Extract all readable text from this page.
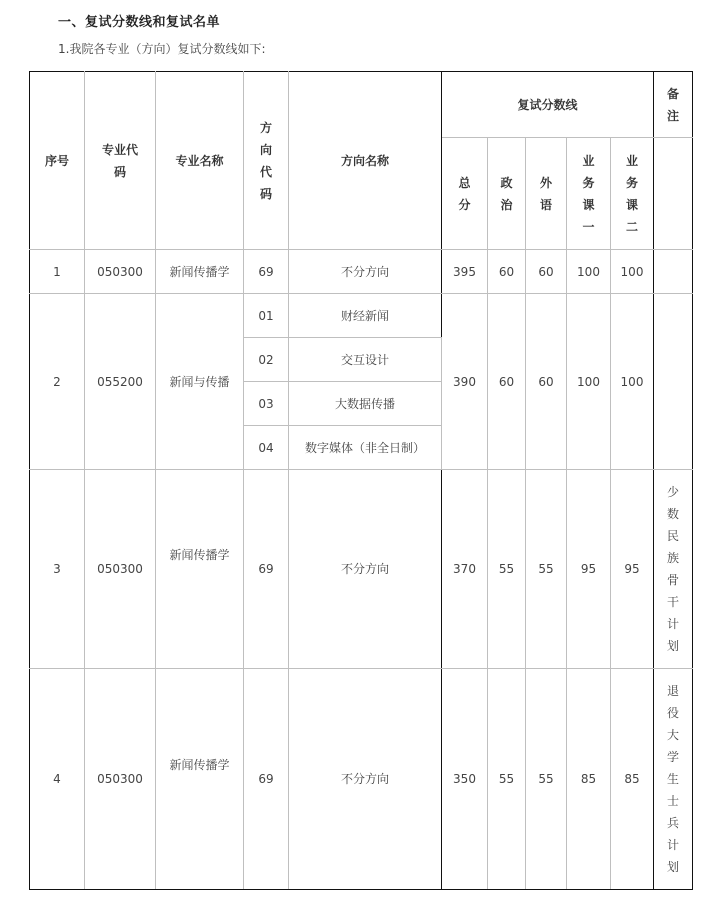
一、复试分数线和复试名单
1.我院各专业（方向）复试分数线如下:
序号	专业代码	专业名称	方向代码	方向名称	复试分数线					备注
					总分	政治	外语	业务课一	业务课二	
1	050300	新闻传播学	69	不分方向	395	60	60	100	100	
2	055200	新闻与传播	01	财经新闻	390	60	60	100	100	
			02	交互设计						
			03	大数据传播						
			04	数字媒体（非全日制）						
3	050300	新闻传播学	69	不分方向	370	55	55	95	95	少数民族骨干计划
4	050300	新闻传播学	69	不分方向	350	55	55	85	85	退役大学生士兵计划
